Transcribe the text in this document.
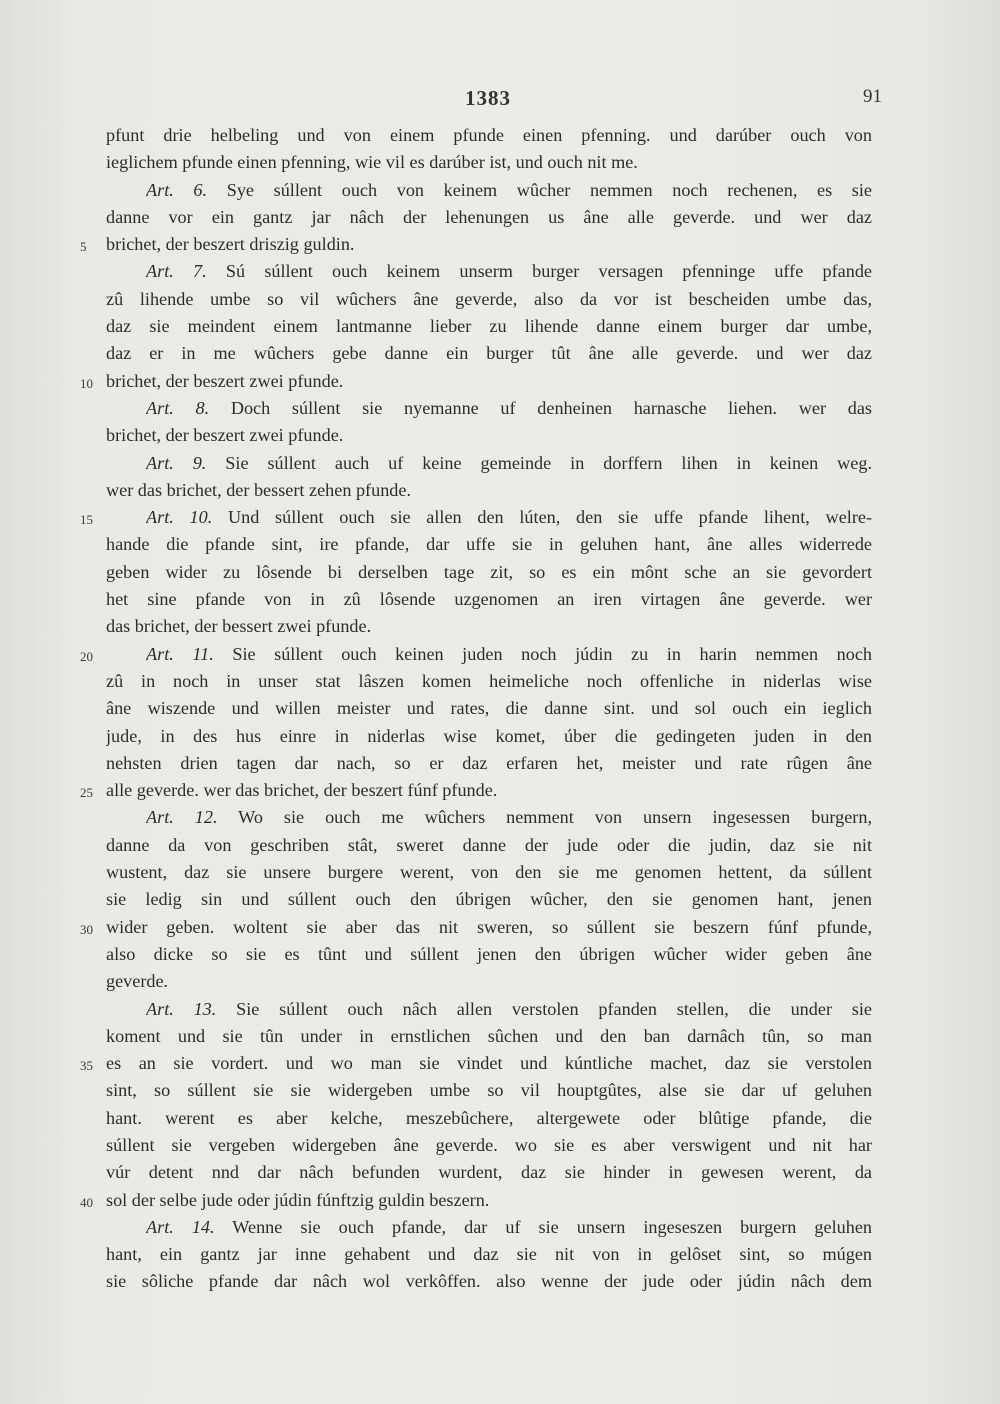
1383	91
pfunt drie helbeling und von einem pfunde einen pfenning. und darúber ouch von
ieglichem pfunde einen pfenning, wie vil es darúber ist, und ouch nit me.
Art. 6. Sye súllent ouch von keinem wûcher nemmen noch rechenen, es sie
danne vor ein gantz jar nâch der lehenungen us âne alle geverde. und wer daz
5	brichet, der beszert driszig guldin.
Art. 7. Sú súllent ouch keinem unserm burger versagen pfenninge uffe pfande
zû lihende umbe so vil wûchers âne geverde, also da vor ist bescheiden umbe das,
daz sie meindent einem lantmanne lieber zu lihende danne einem burger dar umbe,
daz er in me wûchers gebe danne ein burger tût âne alle geverde. und wer daz
10 brichet, der beszert zwei pfunde.
Art. 8. Doch súllent sie nyemanne uf denheinen harnasche liehen. wer das
brichet, der beszert zwei pfunde.
Art. 9. Sie súllent auch uf keine gemeinde in dorffern lihen in keinen weg.
wer das brichet, der bessert zehen pfunde.
15	Art. 10. Und súllent ouch sie allen den lúten, den sie uffe pfande lihent, welre-
hande die pfande sint, ire pfande, dar uffe sie in geluhen hant, âne alles widerrede
geben wider zu lôsende bi derselben tage zit, so es ein mônt sche an sie gevordert
het sine pfande von in zû lôsende uzgenomen an iren virtagen âne geverde. wer
das brichet, der bessert zwei pfunde.
20	Art. 11. Sie súllent ouch keinen juden noch júdin zu in harin nemmen noch
zû in noch in unser stat lâszen komen heimeliche noch offenliche in niderlas wise
âne wiszende und willen meister und rates, die danne sint. und sol ouch ein ieglich
jude, in des hus einre in niderlas wise komet, úber die gedingeten juden in den
nehsten drien tagen dar nach, so er daz erfaren het, meister und rate rûgen âne
25 alle geverde. wer das brichet, der beszert fúnf pfunde.
Art. 12. Wo sie ouch me wûchers nemment von unsern ingesessen burgern,
danne da von geschriben stât, sweret danne der jude oder die judin, daz sie nit
wustent, daz sie unsere burgere werent, von den sie me genomen hettent, da súllent
sie ledig sin und súllent ouch den úbrigen wûcher, den sie genomen hant, jenen
30 wider geben. woltent sie aber das nit sweren, so súllent sie beszern fúnf pfunde,
also dicke so sie es tûnt und súllent jenen den úbrigen wûcher wider geben âne
geverde.
Art. 13. Sie súllent ouch nâch allen verstolen pfanden stellen, die under sie
koment und sie tûn under in ernstlichen sûchen und den ban darnâch tûn, so man
35 es an sie vordert. und wo man sie vindet und kúntliche machet, daz sie verstolen
sint, so súllent sie sie widergeben umbe so vil houptgûtes, alse sie dar uf geluhen
hant. werent es aber kelche, meszebûchere, altergewete oder blûtige pfande, die
súllent sie vergeben widergeben âne geverde. wo sie es aber verswigent und nit har
vúr detent nnd dar nâch befunden wurdent, daz sie hinder in gewesen werent, da
40 sol der selbe jude oder júdin fúnftzig guldin beszern.
Art. 14. Wenne sie ouch pfande, dar uf sie unsern ingeseszen burgern geluhen
hant, ein gantz jar inne gehabent und daz sie nit von in gelôset sint, so múgen
sie sôliche pfande dar nâch wol verkôffen. also wenne der jude oder júdin nâch dem
